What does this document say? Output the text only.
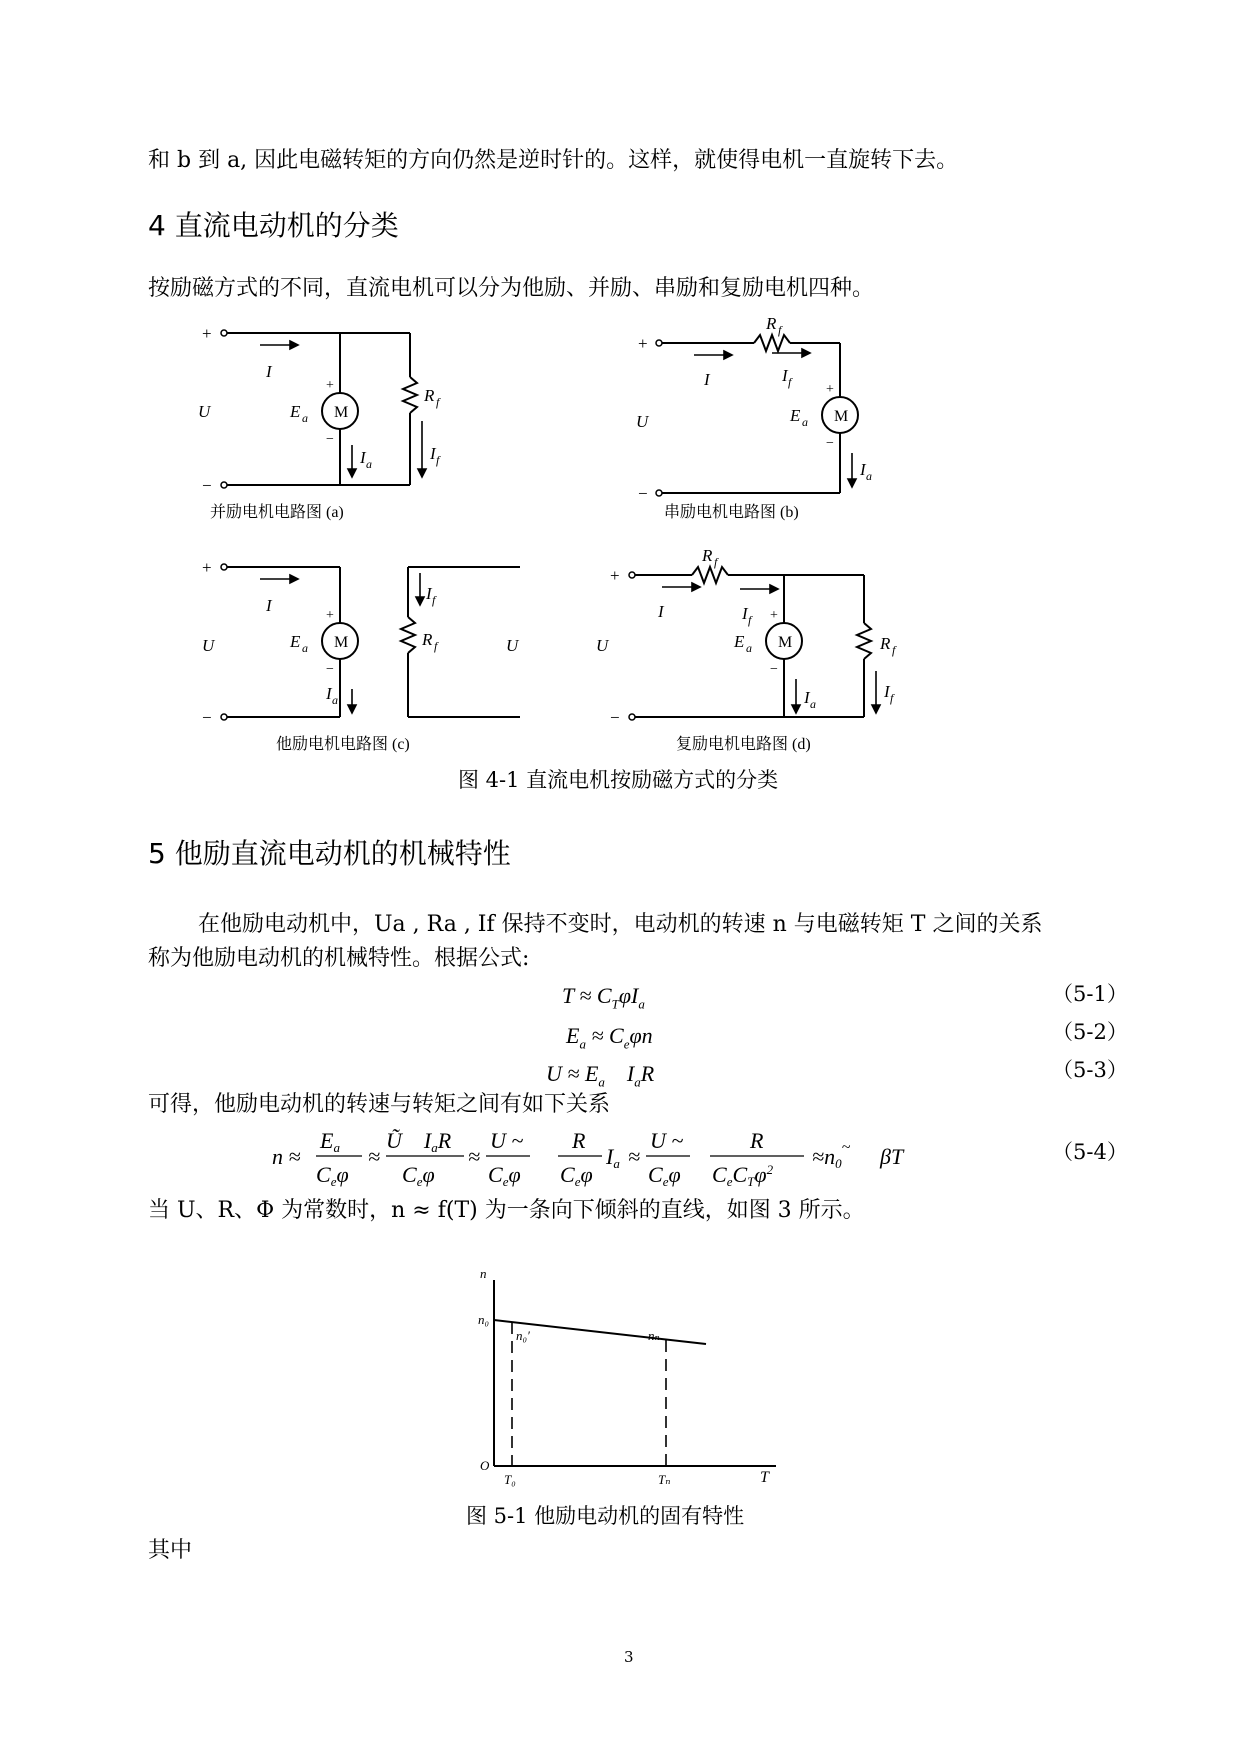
和 b 到 a, 因此电磁转矩的方向仍然是逆时针的。这样，就使得电机一直旋转下去。
4 直流电动机的分类
按励磁方式的不同，直流电机可以分为他励、并励、串励和复励电机四种。
+
−
I
U	E a M
+
−
R f
I a
I f
+
−
R f
I	I f
U	E a M
+
−
I a
+
−
I
U	E a M
+
−
I a
I f
R f	U
+
−
R f
I	I f
U	E a M
+
−
R f
I a
I f
并励电机电路图 (a)	串励电机电路图 (b)
他励电机电路图 (c)	复励电机电路图 (d)
图 4-1 直流电机按励磁方式的分类
5 他励直流电动机的机械特性
在他励电动机中，Ua , Ra , If 保持不变时，电动机的转速 n 与电磁转矩 T 之间的关系
称为他励电动机的机械特性。根据公式:
$T \approx C_T\varphi I_a$	（5-1）
$E_a \approx C_e\varphi n$	（5-2）
$U \approx E_a$    $I_aR$	（5-3）
可得，他励电动机的转速与转矩之间有如下关系
n ≈
Ea
Ceφ
≈
Ũ    IaR
Ceφ
≈
U ~
Ceφ
R
Ceφ
Ia ≈
U ~
Ceφ
R
CeCTφ$^2$
≈n0~ βT	（5-4）
当 U、R、Φ 为常数时，n ≈ f(T) 为一条向下倾斜的直线，如图 3 所示。
n
n₀
n₀′	nₙ
O
T₀	Tₙ	T
图 5-1 他励电动机的固有特性
其中
3
